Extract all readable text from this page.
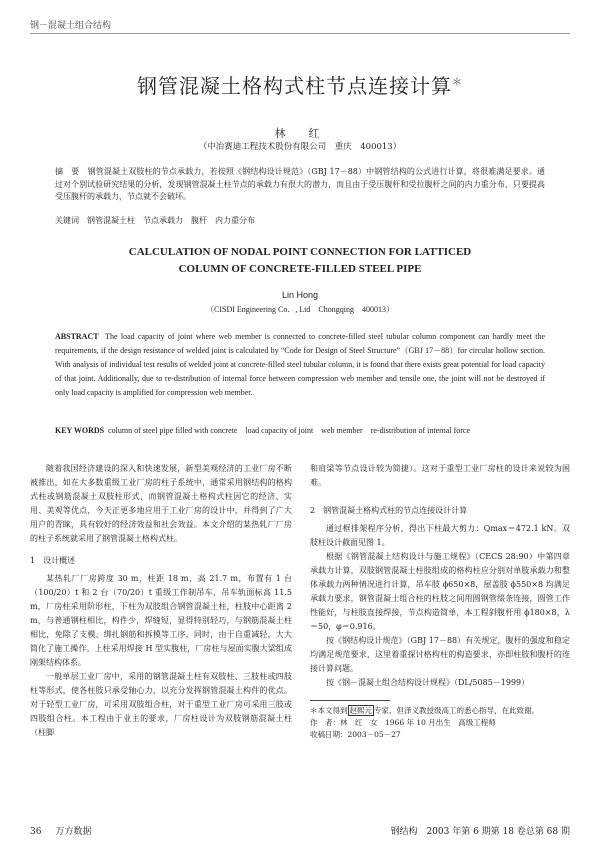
钢－混凝土组合结构
钢管混凝土格构式柱节点连接计算＊
林　红
（中冶赛迪工程技术股份有限公司　重庆　400013）
摘　要　 钢管混凝土双肢柱的节点承载力，若按照《钢结构设计规范》（GBJ 17－88）中钢管结构的公式进行计算，将很难满足要求。通过对个别试验研究结果的分析，发现钢管混凝土柱节点的承载力有很大的潜力，而且由于受压腹杆和受拉腹杆之间的内力重分布，只要提高受压腹杆的承载力，节点就不会破坏。
关键词　 钢管混凝土柱　节点承载力　腹杆　内力重分布
CALCULATION OF NODAL POINT CONNECTION FOR LATTICED
COLUMN OF CONCRETE-FILLED STEEL PIPE
Lin Hong
（CISDI Engineering Co．, Ltd　Chongqing　400013）
ABSTRACT The load capacity of joint where web member is connected to concrete-filled steel tubular column component can hardly meet the requirements, if the design resistance of welded joint is calculated by “Code for Design of Steel Structure”（GBJ 17－88）for circular hollow section. With analysis of individual test results of welded joint at concrete-filled steel tubular column, it is found that there exists great potential for load capacity of that joint. Additionally, due to re-distribution of internal force between compression web member and tensile one, the joint will not be destroyed if only load capacity is amplified for compression web member.
KEY WORDS column of steel pipe filled with concrete　load capacity of joint　web member　re-distribution of internal force

随着我国经济建设的深入和快速发展，新型美观经济的工业厂房不断被推出，如在大多数重级工业厂房的柱子系统中，通常采用钢结构的格构式柱或钢筋混凝土双肢柱形式，而钢管混凝土格构式柱因它的经济、实用、美观等优点，今天正更多地应用于工业厂房的设计中，并得到了广大用户的青睐，具有较好的经济效益和社会效益。本文介绍的某热轧厂厂房的柱子系统就采用了钢管混凝土格构式柱。

1　设计概述

某热轧厂厂房跨度 30 m，柱距 18 m，高 21.7 m，布置有 1 台（100/20）t 和 2 台（70/20）t 重级工作制吊车，吊车轨面标高 11.5 m，厂房柱采用阶形柱，下柱为双肢组合钢管混凝土柱，柱肢中心距离 2 m，与普通钢柱相比，构件少，焊缝短，显得特别轻巧，与钢筋混凝土柱相比，免除了支模、绑扎钢筋和拆模等工序，同时，由于自重减轻，大大简化了施工操作。上柱采用焊接 H 型实腹柱，厂房柱与屋面实腹大梁组成刚架结构体系。

一般单层工业厂房中，采用的钢管混凝土柱有双肢柱、三肢柱或四肢柱等形式，使各柱肢只承受轴心力，以充分发挥钢管混凝土构件的优点。对于轻型工业厂房，可采用双肢组合柱，对于重型工业厂房可采用三肢或四肢组合柱。本工程由于业主的要求，厂房柱设计为双肢钢筋混凝土柱（柱脚

和肩梁等节点设计较为简捷）。这对于重型工业厂房柱的设计来说较为困难。

2　钢管混凝土格构式柱的节点连接设计计算

通过框排架程序分析，得出下柱最大剪力：Qmax＝472.1 kN。双肢柱设计截面见图 1。

根据《钢管混凝土结构设计与施工规程》（CECS 28:90）中第四章承载力计算，双肢钢管混凝土柱肢组成的格构柱应分别对单肢承载力和整体承载力两种情况进行计算，吊车肢 ϕ650×8，屋盖肢 ϕ550×8 均满足承载力要求，钢管混凝土组合柱的柱肢之间用圆钢管缀条连接，圆管工作性能好，与柱肢直接焊接，节点构造简单，本工程斜腹杆用 ϕ180×8，λ＝50，φ＝0.916。

按《钢结构设计规范》（GBJ 17－88）有关规定，腹杆的强度和稳定均满足规范要求，这里着重探讨格构柱的构造要求，亦即柱肢和腹杆的连接计算问题。

按《钢－混凝土组合结构设计规程》（DL/5085－1999）

＊本文得到 赵熙元 专家、但泽义教授级高工的悉心指导，在此致谢。

作　者：林　红　女　1966 年 10 月出生　高级工程师

收稿日期：2003－05－27

36 万方数据	钢结构　2003 年第 6 期第 18 卷总第 68 期
